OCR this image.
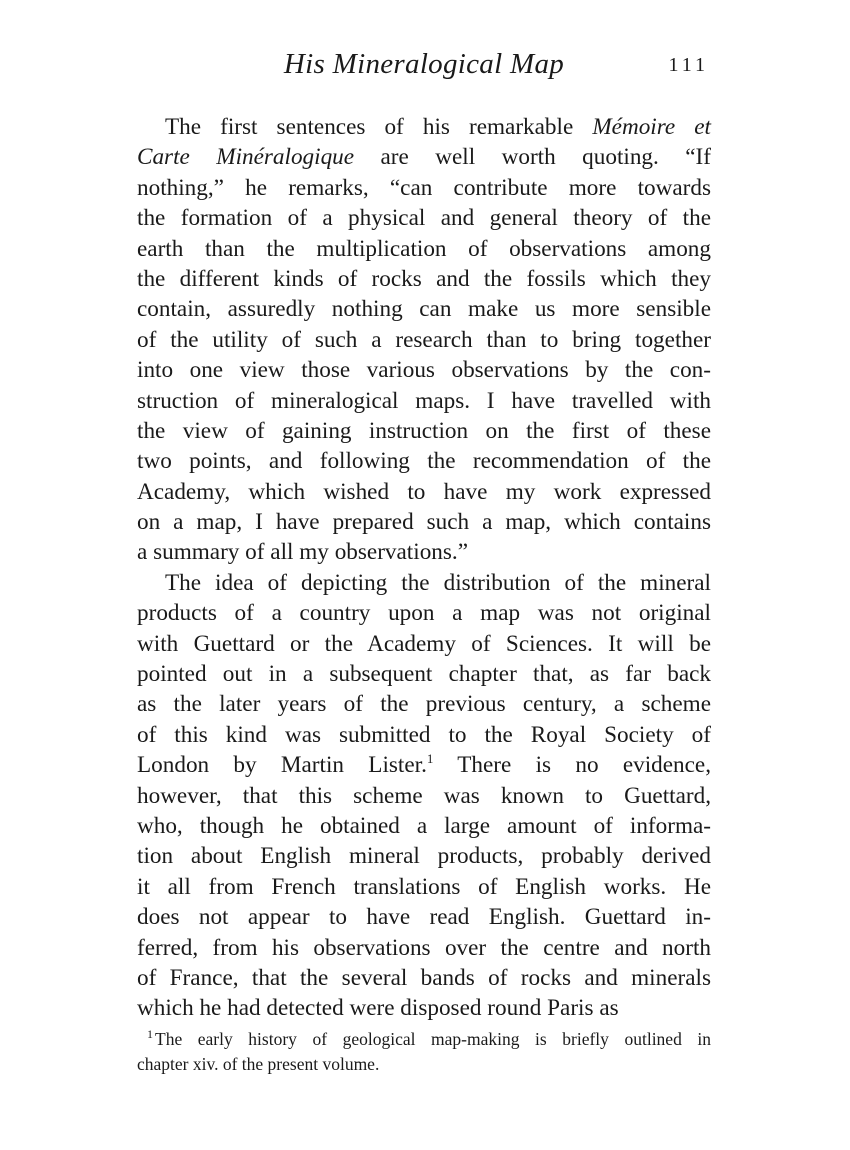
His Mineralogical Map	111
The first sentences of his remarkable Mémoire et
Carte Minéralogique are well worth quoting. “If
nothing,” he remarks, “can contribute more towards
the formation of a physical and general theory of the
earth than the multiplication of observations among
the different kinds of rocks and the fossils which they
contain, assuredly nothing can make us more sensible
of the utility of such a research than to bring together
into one view those various observations by the con-
struction of mineralogical maps. I have travelled with
the view of gaining instruction on the first of these
two points, and following the recommendation of the
Academy, which wished to have my work expressed
on a map, I have prepared such a map, which contains
a summary of all my observations.”
The idea of depicting the distribution of the mineral
products of a country upon a map was not original
with Guettard or the Academy of Sciences. It will be
pointed out in a subsequent chapter that, as far back
as the later years of the previous century, a scheme
of this kind was submitted to the Royal Society of
London by Martin Lister.$^1$ There is no evidence,
however, that this scheme was known to Guettard,
who, though he obtained a large amount of informa-
tion about English mineral products, probably derived
it all from French translations of English works. He
does not appear to have read English. Guettard in-
ferred, from his observations over the centre and north
of France, that the several bands of rocks and minerals
which he had detected were disposed round Paris as
$^1$ The early history of geological map-making is briefly outlined in
chapter xiv. of the present volume.
